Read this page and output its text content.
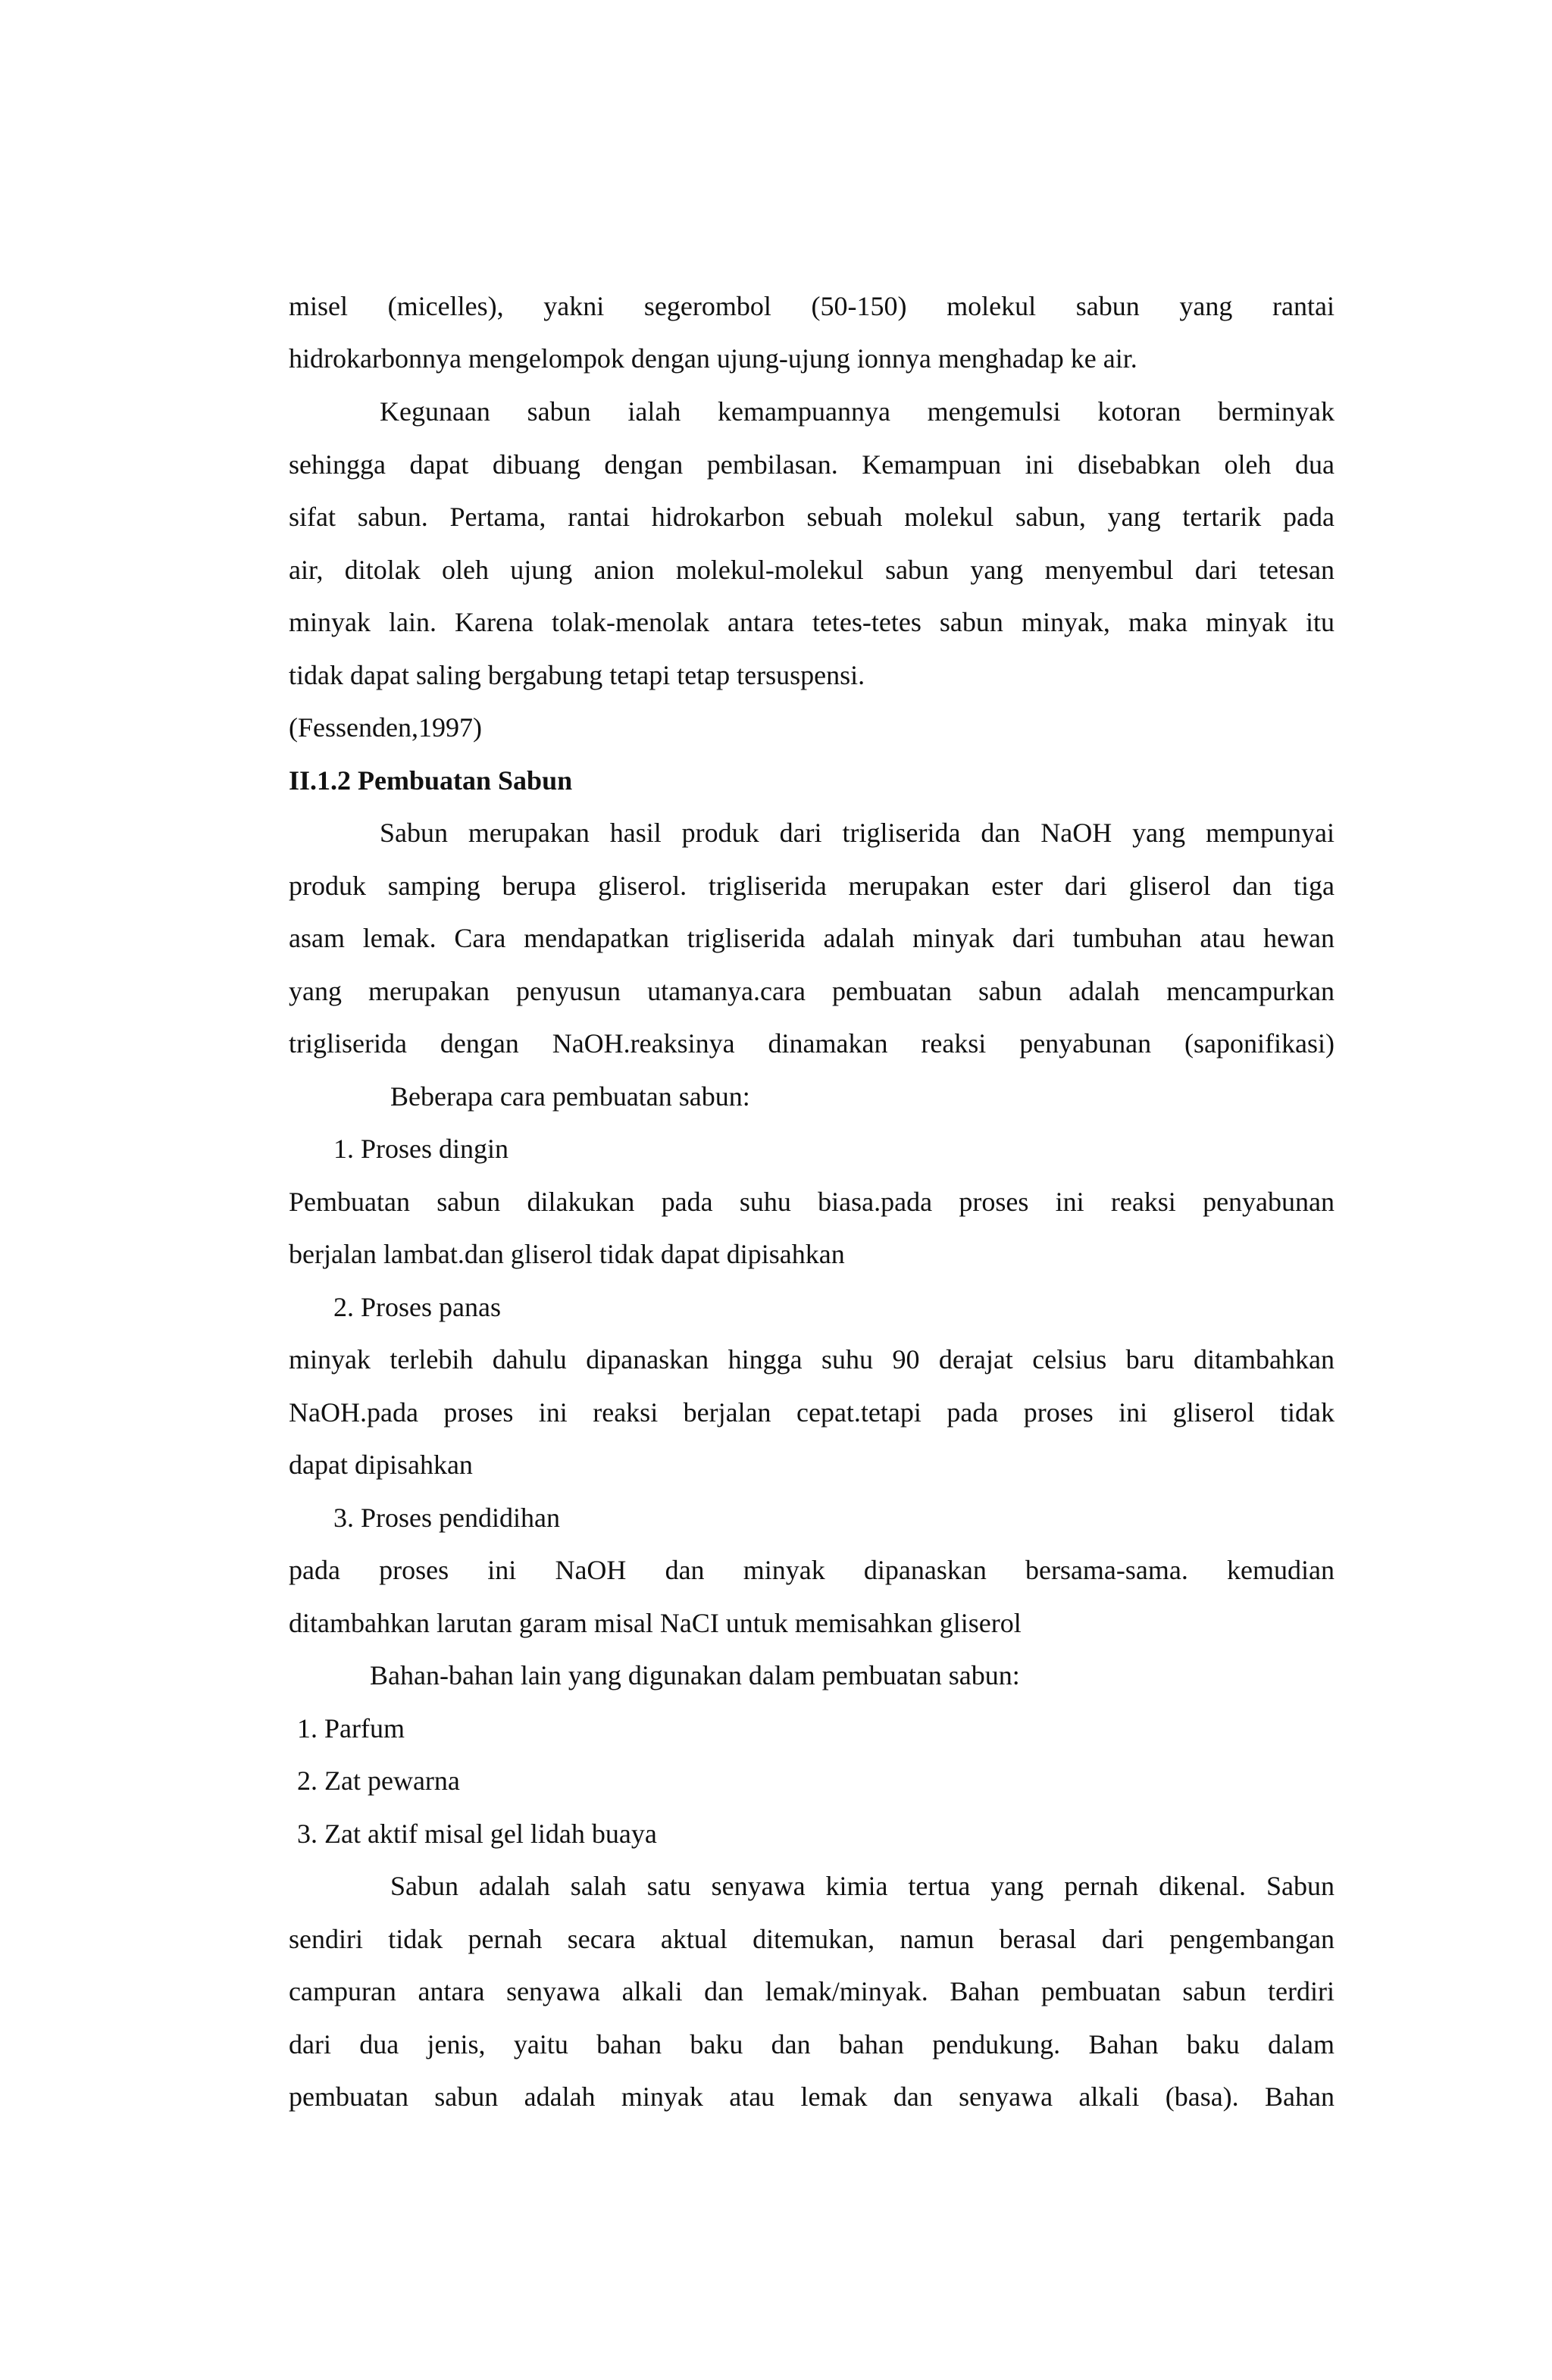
misel (micelles), yakni segerombol (50-150) molekul sabun yang rantai
hidrokarbonnya mengelompok dengan ujung-ujung ionnya menghadap ke air.
Kegunaan sabun ialah kemampuannya mengemulsi kotoran berminyak
sehingga dapat dibuang dengan pembilasan. Kemampuan ini disebabkan oleh dua
sifat sabun. Pertama, rantai hidrokarbon sebuah molekul sabun, yang tertarik pada
air, ditolak oleh ujung anion molekul-molekul sabun yang menyembul dari tetesan
minyak lain. Karena tolak-menolak antara tetes-tetes sabun minyak, maka minyak itu
tidak dapat saling bergabung tetapi tetap tersuspensi.
(Fessenden,1997)
II.1.2 Pembuatan Sabun
Sabun merupakan hasil produk dari trigliserida dan NaOH yang mempunyai
produk samping berupa gliserol. trigliserida merupakan ester dari gliserol dan tiga
asam lemak. Cara mendapatkan trigliserida adalah minyak dari tumbuhan atau hewan
yang merupakan penyusun utamanya.cara pembuatan sabun adalah mencampurkan
trigliserida dengan NaOH.reaksinya dinamakan reaksi penyabunan (saponifikasi)
Beberapa cara pembuatan sabun:
1. Proses dingin
Pembuatan sabun dilakukan pada suhu biasa.pada proses ini reaksi penyabunan
berjalan lambat.dan gliserol tidak dapat dipisahkan
2. Proses panas
minyak terlebih dahulu dipanaskan hingga suhu 90 derajat celsius baru ditambahkan
NaOH.pada proses ini reaksi berjalan cepat.tetapi pada proses ini gliserol tidak
dapat dipisahkan
3. Proses pendidihan
pada proses ini NaOH dan minyak dipanaskan bersama-sama. kemudian
ditambahkan larutan garam misal NaCI untuk memisahkan gliserol
Bahan-bahan lain yang digunakan dalam pembuatan sabun:
1. Parfum
2. Zat pewarna
3. Zat aktif misal gel lidah buaya
Sabun adalah salah satu senyawa kimia tertua yang pernah dikenal. Sabun
sendiri tidak pernah secara aktual ditemukan, namun berasal dari pengembangan
campuran antara senyawa alkali dan lemak/minyak. Bahan pembuatan sabun terdiri
dari dua jenis, yaitu bahan baku dan bahan pendukung. Bahan baku dalam
pembuatan sabun adalah minyak atau lemak dan senyawa alkali (basa). Bahan
